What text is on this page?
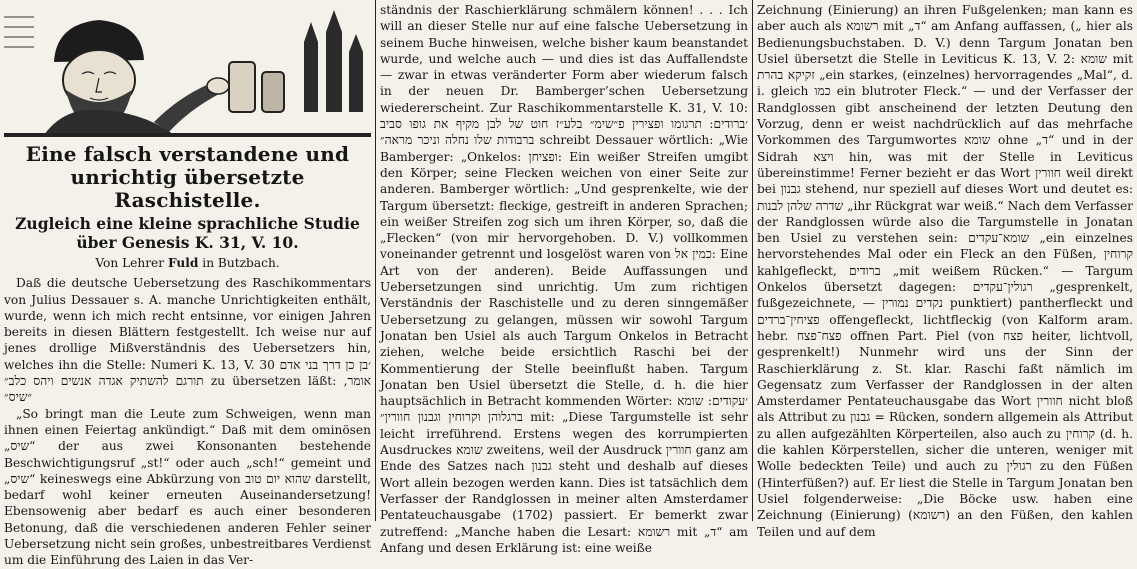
Eine falsch verstandene und unrichtig übersetzte Raschistelle.
Zugleich eine kleine sprachliche Studie über Genesis K. 31, V. 10.
Von Lehrer Fuld in Butzbach.

Daß die deutsche Uebersetzung des Raschikommentars von Julius Dessauer s. A. manche Unrichtigkeiten enthält, wurde, wenn ich mich recht entsinne, vor einigen Jahren bereits in diesen Blättern festgestellt. Ich weise nur auf jenes drollige Mißverständnis des Uebersetzers hin, welches ihn die Stelle: Numeri K. 13, V. 30 ׳בן כן דרך בני אדם תורגם להשתיק אגדה אנשים ויהס כלב״ zu übersetzen läßt: ‚אומר ״שיס״

„So bringt man die Leute zum Schweigen, wenn man ihnen einen Feiertag ankündigt.“ Daß mit dem ominösen „שיס“ der aus zwei Konsonanten bestehende Beschwichtigungsruf „st!“ oder auch „sch!“ gemeint und „שיס“ keineswegs eine Abkürzung von שהוא יום טוב darstellt, bedarf wohl keiner erneuten Auseinandersetzung! Ebensowenig aber bedarf es auch einer besonderen Betonung, daß die verschiedenen anderen Fehler seiner Uebersetzung nicht sein großes, unbestreitbares Verdienst um die Einführung des Laien in das Ver-

ständnis der Raschierklärung schmälern können! . . . Ich will an dieser Stelle nur auf eine falsche Uebersetzung in seinem Buche hinweisen, welche bisher kaum beanstandet wurde, und welche auch — und dies ist das Auffallendste — zwar in etwas veränderter Form aber wiederum falsch in der neuen Dr. Bamberger’schen Uebersetzung wiedererscheint. Zur Raschikommentarstelle K. 31, V. 10: ׳ברודים: תרגומו ופצירין פ״שימ״ בלע״ז חוט של לבן מקיף את גופו סביב ברבודות שלו נחלה וניכר מראה״ schreibt Dessauer wörtlich: „Wie Bamberger: „Onkelos: ופציחן: Ein weißer Streifen umgibt den Körper; seine Flecken weichen von einer Seite zur anderen. Bamberger wörtlich: „Und gesprenkelte, wie der Targum übersetzt: fleckige, gestreift in anderen Sprachen; ein weißer Streifen zog sich um ihren Körper, so, daß die „Flecken“ (von mir hervorgehoben. D. V.) vollkommen voneinander getrennt und losgelöst waren von כמין אל: Eine Art von der anderen). Beide Auffassungen und Uebersetzungen sind unrichtig. Um zum richtigen Verständnis der Raschistelle und zu deren sinngemäßer Uebersetzung zu gelangen, müssen wir sowohl Targum Jonatan ben Usiel als auch Targum Onkelos in Betracht ziehen, welche beide ersichtlich Raschi bei der Kommentierung der Stelle beeinflußt haben. Targum Jonatan ben Usiel übersetzt die Stelle, d. h. die hier hauptsächlich in Betracht kommenden Wörter: ׳עקודים: שומא ברגלוהן וקרוחין וגבנון חוורין״ mit: „Diese Targumstelle ist sehr leicht irreführend. Erstens wegen des korrumpierten Ausdruckes שומא zweitens, weil der Ausdruck חוורין ganz am Ende des Satzes nach גבנון steht und deshalb auf dieses Wort allein bezogen werden kann. Dies ist tatsächlich dem Verfasser der Randglossen in meiner alten Amsterdamer Pentateuchausgabe (1702) passiert. Er bemerkt zwar zutreffend: „Manche haben die Lesart: רשומא mit „ד“ am Anfang und desen Erklärung ist: eine weiße

Zeichnung (Einierung) an ihren Fußgelenken; man kann es aber auch als רשומא mit „ד“ am Anfang auffassen, („ hier als Bedienungsbuchstaben. D. V.) denn Targum Jonatan ben Usiel übersetzt die Stelle in Leviticus K. 13, V. 2: שומא mit זקיקא בהרת „ein starkes, (einzelnes) hervorragendes „Mal“, d. i. gleich כמו ein blutroter Fleck.“ — und der Verfasser der Randglossen gibt anscheinend der letzten Deutung den Vorzug, denn er weist nachdrücklich auf das mehrfache Vorkommen des Targumwortes שומא ohne „ד“ und in der Sidrah ויצא hin, was mit der Stelle in Leviticus übereinstimme! Ferner bezieht er das Wort חוורין weil direkt bei גבנון stehend, nur speziell auf dieses Wort und deutet es: שדרה שלהן לבנות „ihr Rückgrat war weiß.“ Nach dem Verfasser der Randglossen würde also die Targumstelle in Jonatan ben Usiel zu verstehen sein: שומא־עקדים „ein einzelnes hervorstehendes Mal oder ein Fleck an den Füßen, קרוחין kahlgefleckt, ברודים „mit weißem Rücken.“ — Targum Onkelos übersetzt dagegen: רגולין־עקדים „gesprenkelt, fußgezeichnete, — נקדים נמורין punktiert) pantherfleckt und פציחין־ברדים offengefleckt, lichtfleckig (von Kalform aram. hebr. פצח־פצח offnen Part. Piel (von פצח heiter, lichtvoll, gesprenkelt!) Nunmehr wird uns der Sinn der Raschierklärung z. St. klar. Raschi faßt nämlich im Gegensatz zum Verfasser der Randglossen in der alten Amsterdamer Pentateuchausgabe das Wort חוורין nicht bloß als Attribut zu גבנון = Rücken, sondern allgemein als Attribut zu allen aufgezählten Körperteilen, also auch zu קרוחין (d. h. die kahlen Körperstellen, sicher die unteren, weniger mit Wolle bedeckten Teile) und auch zu רגולין zu den Füßen (Hinterfüßen?) auf. Er liest die Stelle in Targum Jonatan ben Usiel folgenderweise: „Die Böcke usw. haben eine Zeichnung (Einierung) (רשומא) an den Füßen, den kahlen Teilen und auf dem
